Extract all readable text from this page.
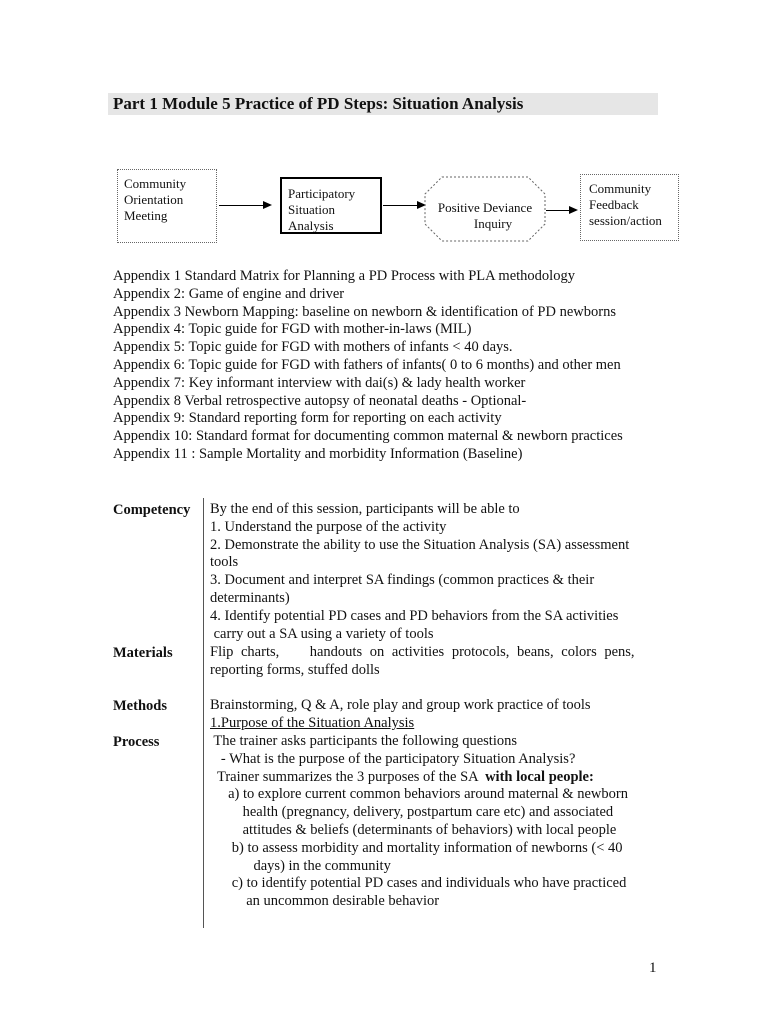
Part 1 Module 5 Practice of PD Steps: Situation Analysis
Community
Orientation
Meeting
Participatory
Situation
Analysis
Positive Deviance
Inquiry
Community
Feedback
session/action
Appendix 1 Standard Matrix for Planning a PD Process with PLA methodology
Appendix 2: Game of engine and driver
Appendix 3 Newborn Mapping: baseline on newborn & identification of PD newborns
Appendix 4: Topic guide for FGD with mother-in-laws (MIL)
Appendix 5: Topic guide for FGD with mothers of infants < 40 days.
Appendix 6: Topic guide for FGD with fathers of infants( 0 to 6 months) and other men
Appendix 7: Key informant interview with dai(s) & lady health worker
Appendix 8 Verbal retrospective autopsy of neonatal deaths - Optional-
Appendix 9: Standard reporting form for reporting on each activity
Appendix 10: Standard format for documenting common maternal & newborn practices
Appendix 11 : Sample Mortality and morbidity Information (Baseline)
Competency
Materials
Methods
Process
By the end of this session, participants will be able to
1. Understand the purpose of the activity
2. Demonstrate the ability to use the Situation Analysis (SA) assessment
tools
3. Document and interpret SA findings (common practices & their
determinants)
4. Identify potential PD cases and PD behaviors from the SA activities
carry out a SA using a variety of tools
Flip charts,    handouts on activities protocols, beans, colors pens,
reporting forms, stuffed dolls
Brainstorming, Q & A, role play and group work practice of tools
1.Purpose of the Situation Analysis
The trainer asks participants the following questions
- What is the purpose of the participatory Situation Analysis?
Trainer summarizes the 3 purposes of the SA  with local people:
a) to explore current common behaviors around maternal & newborn
health (pregnancy, delivery, postpartum care etc) and associated
attitudes & beliefs (determinants of behaviors) with local people
b) to assess morbidity and mortality information of newborns (< 40
days) in the community
c) to identify potential PD cases and individuals who have practiced
an uncommon desirable behavior
1
